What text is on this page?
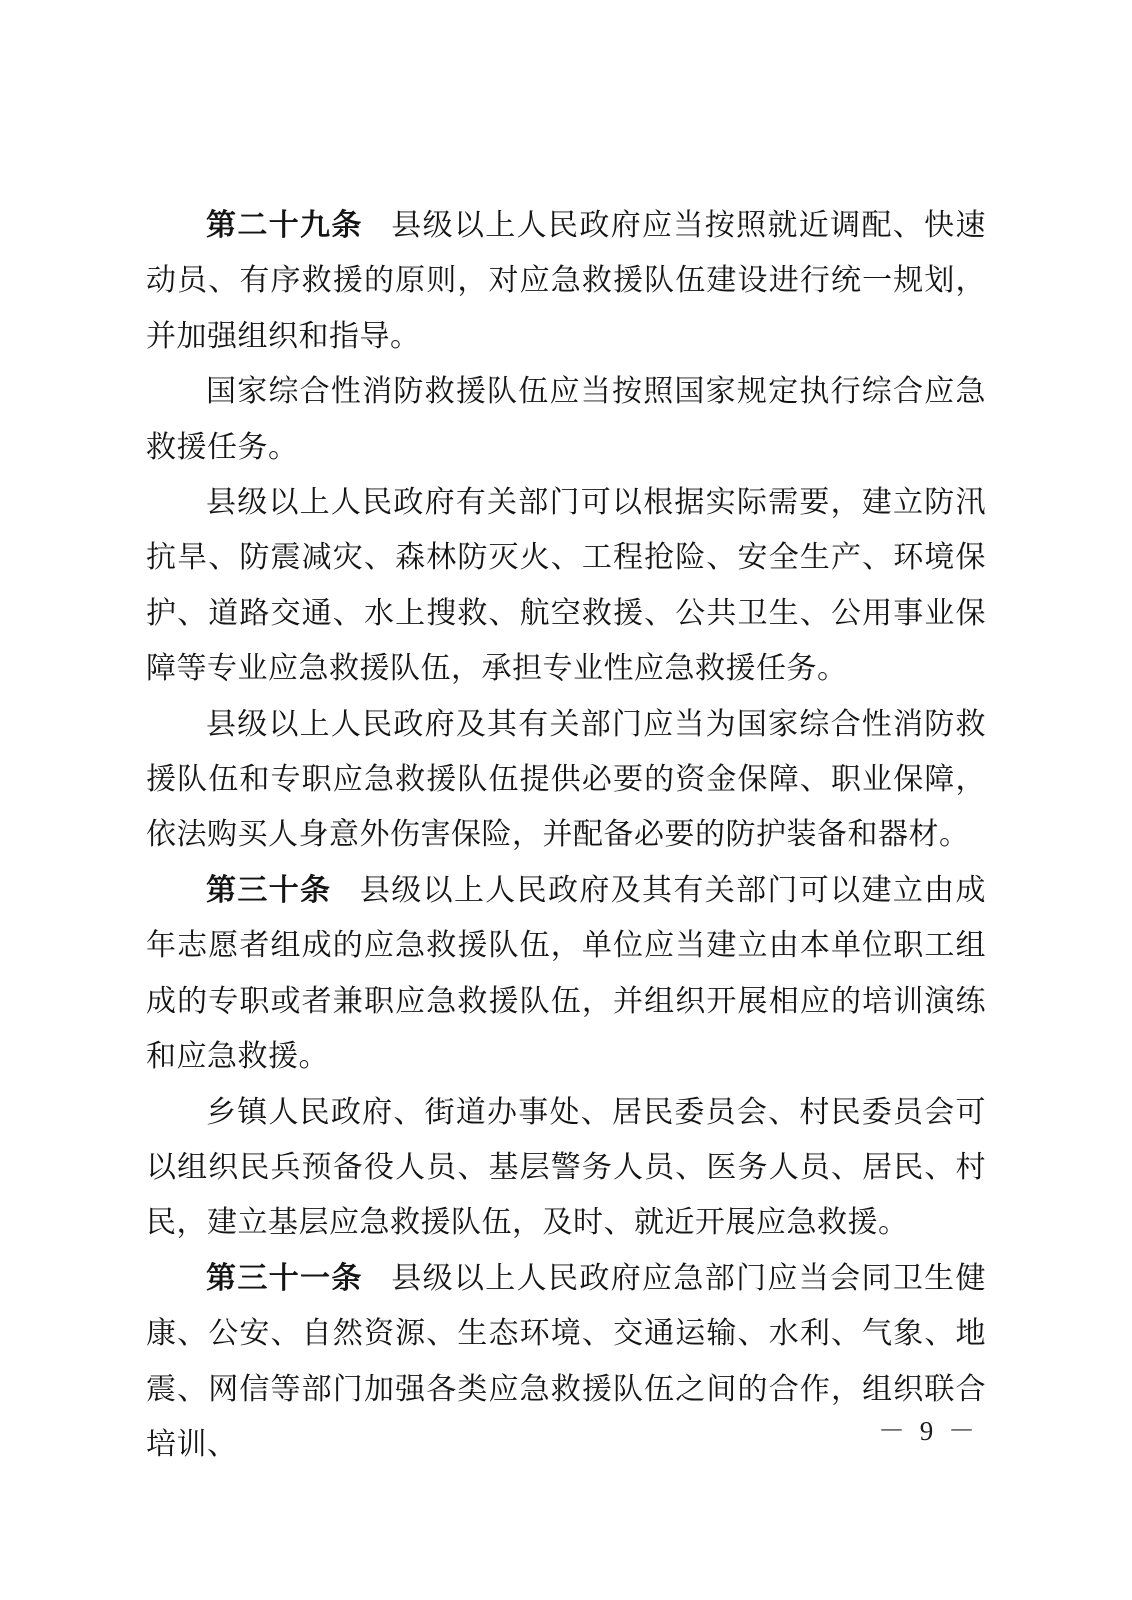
第二十九条 县级以上人民政府应当按照就近调配、快速动员、有序救援的原则，对应急救援队伍建设进行统一规划，并加强组织和指导。

国家综合性消防救援队伍应当按照国家规定执行综合应急救援任务。

县级以上人民政府有关部门可以根据实际需要，建立防汛抗旱、防震减灾、森林防灭火、工程抢险、安全生产、环境保护、道路交通、水上搜救、航空救援、公共卫生、公用事业保障等专业应急救援队伍，承担专业性应急救援任务。

县级以上人民政府及其有关部门应当为国家综合性消防救援队伍和专职应急救援队伍提供必要的资金保障、职业保障，依法购买人身意外伤害保险，并配备必要的防护装备和器材。

第三十条 县级以上人民政府及其有关部门可以建立由成年志愿者组成的应急救援队伍，单位应当建立由本单位职工组成的专职或者兼职应急救援队伍，并组织开展相应的培训演练和应急救援。

乡镇人民政府、街道办事处、居民委员会、村民委员会可以组织民兵预备役人员、基层警务人员、医务人员、居民、村民，建立基层应急救援队伍，及时、就近开展应急救援。

第三十一条 县级以上人民政府应急部门应当会同卫生健康、公安、自然资源、生态环境、交通运输、水利、气象、地震、网信等部门加强各类应急救援队伍之间的合作，组织联合培训、	－ 9 －
